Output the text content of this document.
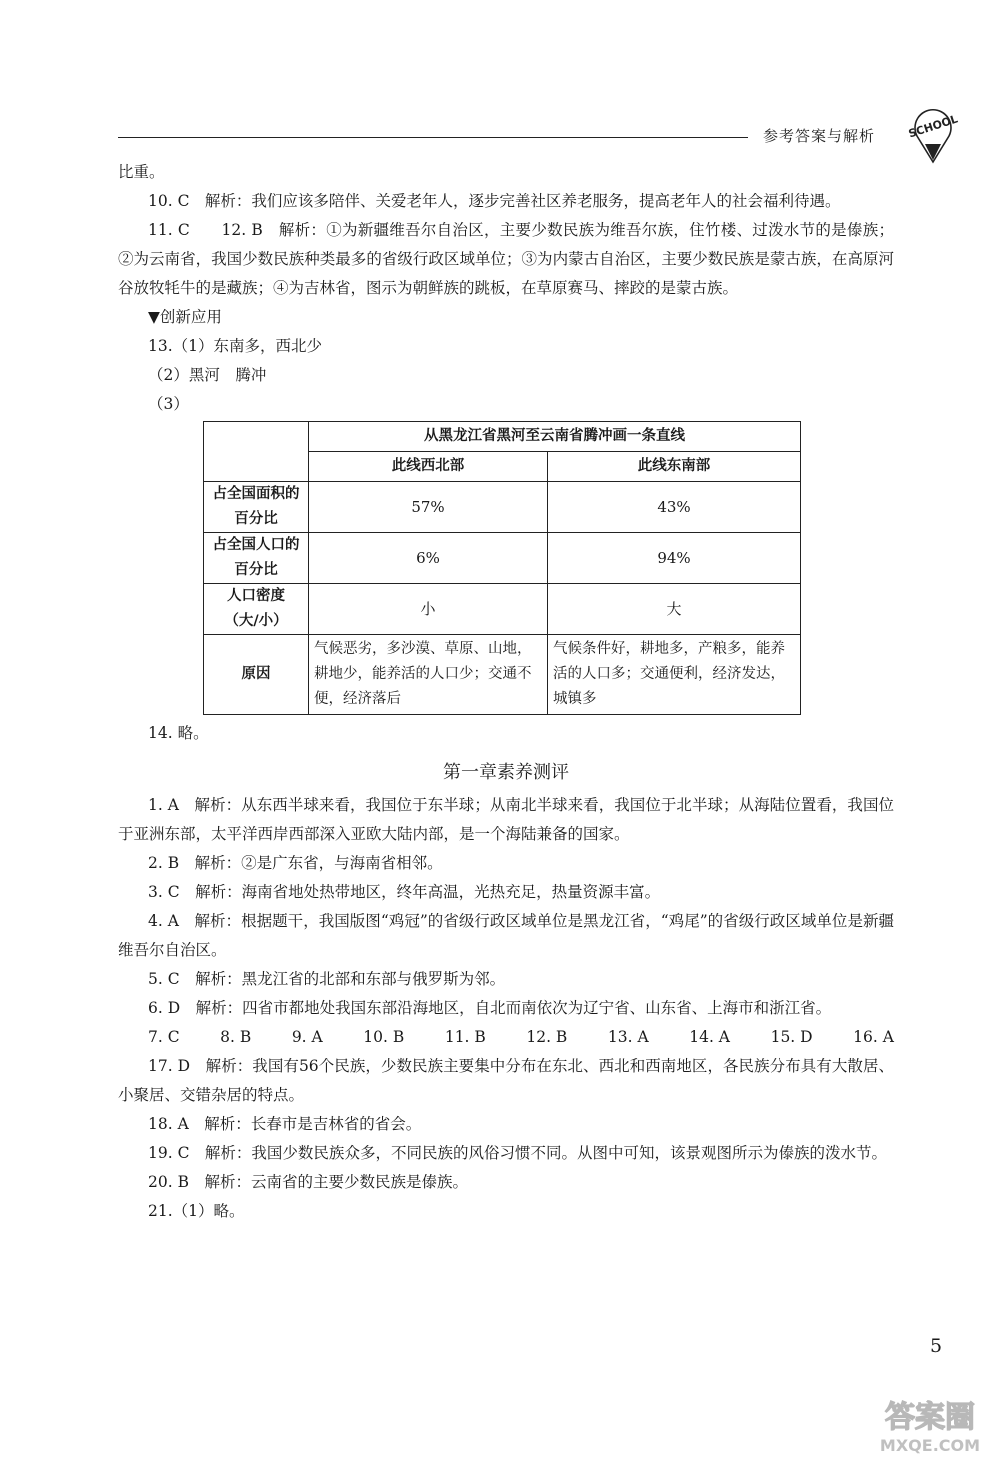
参考答案与解析	SCHOOL

比重。

10. C　解析：我们应该多陪伴、关爱老年人，逐步完善社区养老服务，提高老年人的社会福利待遇。

11. C　　12. B　解析：①为新疆维吾尔自治区，主要少数民族为维吾尔族，住竹楼、过泼水节的是傣族；②为云南省，我国少数民族种类最多的省级行政区域单位；③为内蒙古自治区，主要少数民族是蒙古族，在高原河谷放牧牦牛的是藏族；④为吉林省，图示为朝鲜族的跳板，在草原赛马、摔跤的是蒙古族。

▼创新应用

13.（1）东南多，西北少

（2）黑河　腾冲

（3）

	从黑龙江省黑河至云南省腾冲画一条直线	
	此线西北部	此线东南部
占全国面积的百分比	57%	43%
占全国人口的百分比	6%	94%
人口密度（大/小）	小	大
原因	气候恶劣，多沙漠、草原、山地，耕地少，能养活的人口少；交通不便，经济落后	气候条件好，耕地多，产粮多，能养活的人口多；交通便利，经济发达，城镇多

14. 略。

第一章素养测评

1. A　解析：从东西半球来看，我国位于东半球；从南北半球来看，我国位于北半球；从海陆位置看，我国位于亚洲东部，太平洋西岸西部深入亚欧大陆内部，是一个海陆兼备的国家。

2. B　解析：②是广东省，与海南省相邻。

3. C　解析：海南省地处热带地区，终年高温，光热充足，热量资源丰富。

4. A　解析：根据题干，我国版图“鸡冠”的省级行政区域单位是黑龙江省，“鸡尾”的省级行政区域单位是新疆维吾尔自治区。

5. C　解析：黑龙江省的北部和东部与俄罗斯为邻。

6. D　解析：四省市都地处我国东部沿海地区，自北而南依次为辽宁省、山东省、上海市和浙江省。

7. C	8. B	9. A	10. B	11. B	12. B	13. A	14. A	15. D	16. A

17. D　解析：我国有56个民族，少数民族主要集中分布在东北、西北和西南地区，各民族分布具有大散居、小聚居、交错杂居的特点。

18. A　解析：长春市是吉林省的省会。

19. C　解析：我国少数民族众多，不同民族的风俗习惯不同。从图中可知，该景观图所示为傣族的泼水节。

20. B　解析：云南省的主要少数民族是傣族。

21.（1）略。

5
答案圈
MXQE.COM
